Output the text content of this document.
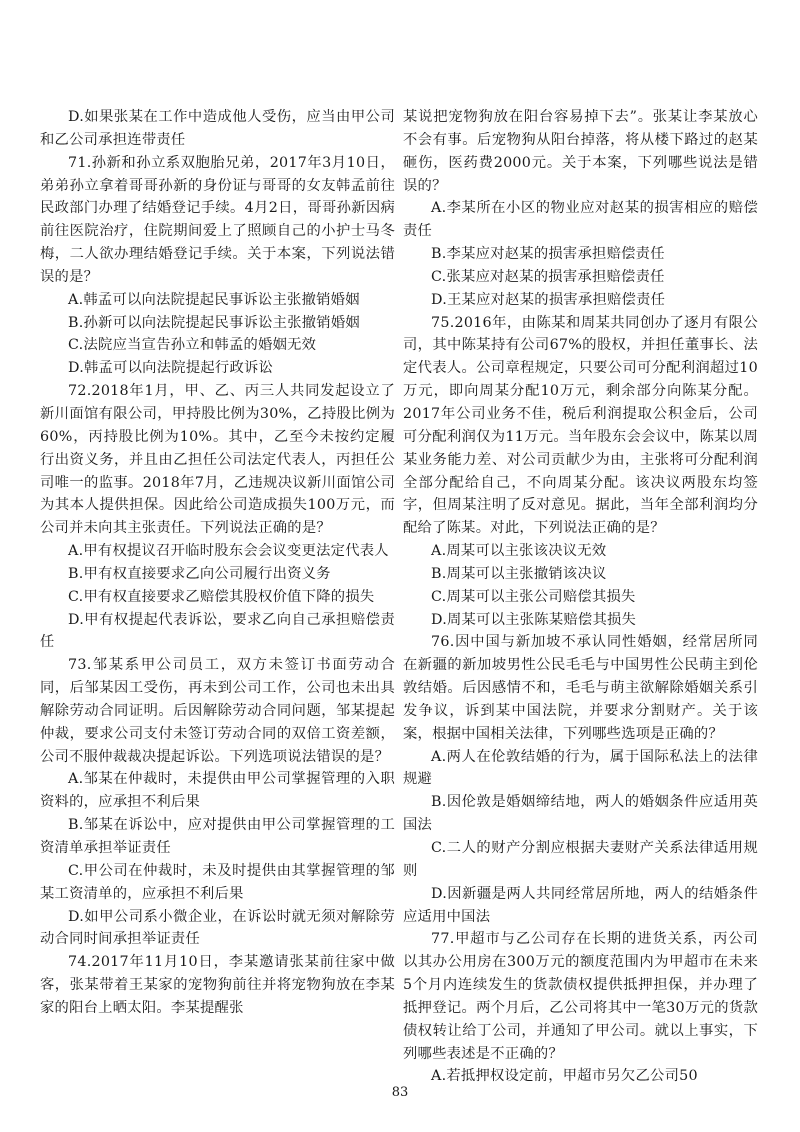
D.如果张某在工作中造成他人受伤，应当由甲公司和乙公司承担连带责任

71.孙新和孙立系双胞胎兄弟，2017年3月10日，弟弟孙立拿着哥哥孙新的身份证与哥哥的女友韩孟前往民政部门办理了结婚登记手续。4月2日，哥哥孙新因病前往医院治疗，住院期间爱上了照顾自己的小护士马冬梅，二人欲办理结婚登记手续。关于本案，下列说法错误的是？

A.韩孟可以向法院提起民事诉讼主张撤销婚姻

B.孙新可以向法院提起民事诉讼主张撤销婚姻

C.法院应当宣告孙立和韩孟的婚姻无效

D.韩孟可以向法院提起行政诉讼

72.2018年1月，甲、乙、丙三人共同发起设立了新川面馆有限公司，甲持股比例为30%，乙持股比例为60%，丙持股比例为10%。其中，乙至今未按约定履行出资义务，并且由乙担任公司法定代表人，丙担任公司唯一的监事。2018年7月，乙违规决议新川面馆公司为其本人提供担保。因此给公司造成损失100万元，而公司并未向其主张责任。下列说法正确的是？

A.甲有权提议召开临时股东会会议变更法定代表人

B.甲有权直接要求乙向公司履行出资义务

C.甲有权直接要求乙赔偿其股权价值下降的损失

D.甲有权提起代表诉讼，要求乙向自己承担赔偿责任

73.邹某系甲公司员工，双方未签订书面劳动合同，后邹某因工受伤，再未到公司工作，公司也未出具解除劳动合同证明。后因解除劳动合同问题，邹某提起仲裁，要求公司支付未签订劳动合同的双倍工资差额，公司不服仲裁裁决提起诉讼。下列选项说法错误的是？

A.邹某在仲裁时，未提供由甲公司掌握管理的入职资料的，应承担不利后果

B.邹某在诉讼中，应对提供由甲公司掌握管理的工资清单承担举证责任

C.甲公司在仲裁时，未及时提供由其掌握管理的邹某工资清单的，应承担不利后果

D.如甲公司系小微企业，在诉讼时就无须对解除劳动合同时间承担举证责任

74.2017年11月10日，李某邀请张某前往家中做客，张某带着王某家的宠物狗前往并将宠物狗放在李某家的阳台上晒太阳。李某提醒张

某说把宠物狗放在阳台容易掉下去”。张某让李某放心不会有事。后宠物狗从阳台掉落，将从楼下路过的赵某砸伤，医药费2000元。关于本案，下列哪些说法是错误的？

A.李某所在小区的物业应对赵某的损害相应的赔偿责任

B.李某应对赵某的损害承担赔偿责任

C.张某应对赵某的损害承担赔偿责任

D.王某应对赵某的损害承担赔偿责任

75.2016年，由陈某和周某共同创办了逐月有限公司，其中陈某持有公司67%的股权，并担任董事长、法定代表人。公司章程规定，只要公司可分配利润超过10万元，即向周某分配10万元，剩余部分向陈某分配。2017年公司业务不佳，税后利润提取公积金后，公司可分配利润仅为11万元。当年股东会会议中，陈某以周某业务能力差、对公司贡献少为由，主张将可分配利润全部分配给自己，不向周某分配。该决议两股东均签字，但周某注明了反对意见。据此，当年全部利润均分配给了陈某。对此，下列说法正确的是？

A.周某可以主张该决议无效

B.周某可以主张撤销该决议

C.周某可以主张公司赔偿其损失

D.周某可以主张陈某赔偿其损失

76.因中国与新加坡不承认同性婚姻，经常居所同在新疆的新加坡男性公民毛毛与中国男性公民萌主到伦敦结婚。后因感情不和，毛毛与萌主欲解除婚姻关系引发争议，诉到某中国法院，并要求分割财产。关于该案，根据中国相关法律，下列哪些选项是正确的？

A.两人在伦敦结婚的行为，属于国际私法上的法律规避

B.因伦敦是婚姻缔结地，两人的婚姻条件应适用英国法

C.二人的财产分割应根据夫妻财产关系法律适用规则

D.因新疆是两人共同经常居所地，两人的结婚条件应适用中国法

77.甲超市与乙公司存在长期的进货关系，丙公司以其办公用房在300万元的额度范围内为甲超市在未来5个月内连续发生的货款债权提供抵押担保，并办理了抵押登记。两个月后，乙公司将其中一笔30万元的货款债权转让给丁公司，并通知了甲公司。就以上事实，下列哪些表述是不正确的？

A.若抵押权设定前，甲超市另欠乙公司50

83
